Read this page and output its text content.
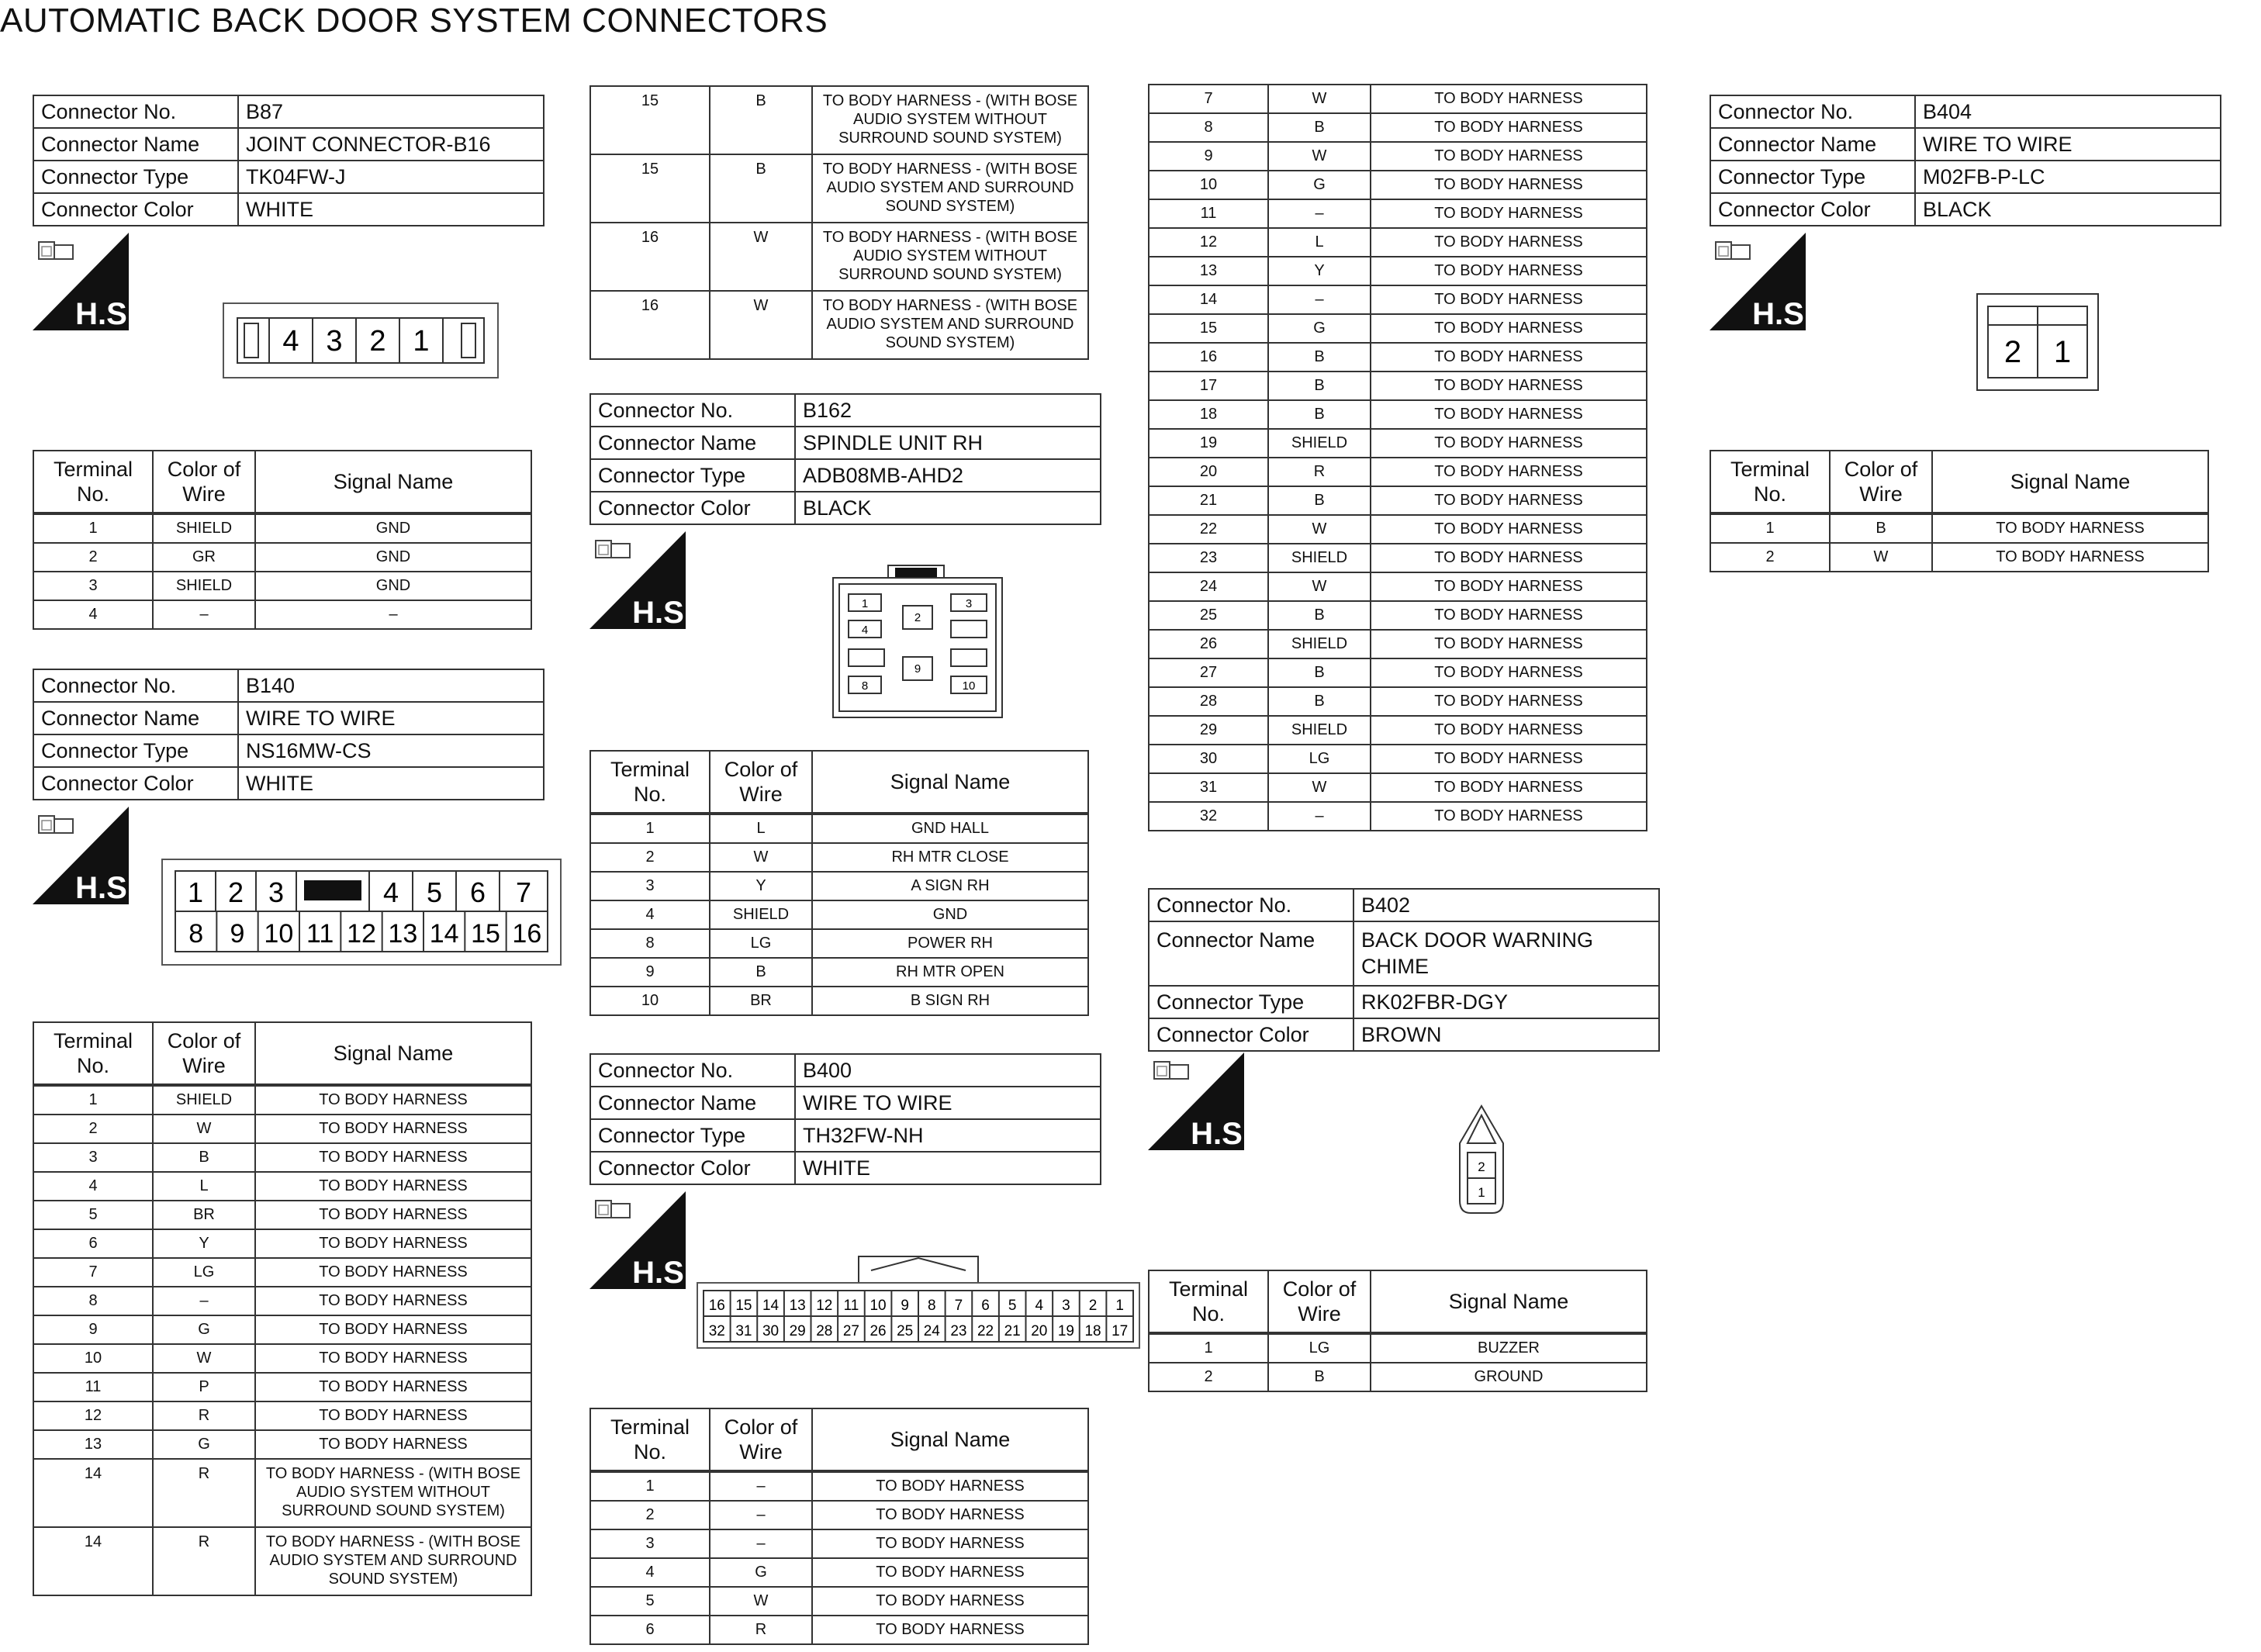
AUTOMATIC BACK DOOR SYSTEM CONNECTORS
Connector No.	B87
Connector Name	JOINT CONNECTOR-B16
Connector Type	TK04FW-J
Connector Color	WHITE
H.S.
4 3 2 1
Terminal No.	Color of Wire	Signal Name
1	SHIELD	GND
2	GR	GND
3	SHIELD	GND
4	–	–
Connector No.	B140
Connector Name	WIRE TO WIRE
Connector Type	NS16MW-CS
Connector Color	WHITE
H.S. 1 2 3	4 5 6 7
8 9 10 11 12 13 14 15 16
Terminal No.	Color of Wire	Signal Name
1	SHIELD	TO BODY HARNESS
2	W	TO BODY HARNESS
3	B	TO BODY HARNESS
4	L	TO BODY HARNESS
5	BR	TO BODY HARNESS
6	Y	TO BODY HARNESS
7	LG	TO BODY HARNESS
8	–	TO BODY HARNESS
9	G	TO BODY HARNESS
10	W	TO BODY HARNESS
11	P	TO BODY HARNESS
12	R	TO BODY HARNESS
13	G	TO BODY HARNESS
14	R	TO BODY HARNESS - (WITH BOSE AUDIO SYSTEM WITHOUT SURROUND SOUND SYSTEM)
14	R	TO BODY HARNESS - (WITH BOSE AUDIO SYSTEM AND SURROUND SOUND SYSTEM)
15	B	TO BODY HARNESS - (WITH BOSE AUDIO SYSTEM WITHOUT SURROUND SOUND SYSTEM)
15	B	TO BODY HARNESS - (WITH BOSE AUDIO SYSTEM AND SURROUND SOUND SYSTEM)
16	W	TO BODY HARNESS - (WITH BOSE AUDIO SYSTEM WITHOUT SURROUND SOUND SYSTEM)
16	W	TO BODY HARNESS - (WITH BOSE AUDIO SYSTEM AND SURROUND SOUND SYSTEM)
Connector No.	B162
Connector Name	SPINDLE UNIT RH
Connector Type	ADB08MB-AHD2
Connector Color	BLACK
H.S.	1
2
3
4
9
8	10
Terminal No.	Color of Wire	Signal Name
1	L	GND HALL
2	W	RH MTR CLOSE
3	Y	A SIGN RH
4	SHIELD	GND
8	LG	POWER RH
9	B	RH MTR OPEN
10	BR	B SIGN RH
Connector No.	B400
Connector Name	WIRE TO WIRE
Connector Type	TH32FW-NH
Connector Color	WHITE
H.S.
16
32
15
31
14
30
13
29
12
28
11
27
10
26
9
25
8
24
7
23
6
22
5
21
4
20
3
19
2
18
1
17
Terminal No.	Color of Wire	Signal Name
1	–	TO BODY HARNESS
2	–	TO BODY HARNESS
3	–	TO BODY HARNESS
4	G	TO BODY HARNESS
5	W	TO BODY HARNESS
6	R	TO BODY HARNESS
7	W	TO BODY HARNESS
8	B	TO BODY HARNESS
9	W	TO BODY HARNESS
10	G	TO BODY HARNESS
11	–	TO BODY HARNESS
12	L	TO BODY HARNESS
13	Y	TO BODY HARNESS
14	–	TO BODY HARNESS
15	G	TO BODY HARNESS
16	B	TO BODY HARNESS
17	B	TO BODY HARNESS
18	B	TO BODY HARNESS
19	SHIELD	TO BODY HARNESS
20	R	TO BODY HARNESS
21	B	TO BODY HARNESS
22	W	TO BODY HARNESS
23	SHIELD	TO BODY HARNESS
24	W	TO BODY HARNESS
25	B	TO BODY HARNESS
26	SHIELD	TO BODY HARNESS
27	B	TO BODY HARNESS
28	B	TO BODY HARNESS
29	SHIELD	TO BODY HARNESS
30	LG	TO BODY HARNESS
31	W	TO BODY HARNESS
32	–	TO BODY HARNESS
Connector No.	B402
Connector Name	BACK DOOR WARNING CHIME
Connector Type	RK02FBR-DGY
Connector Color	BROWN
H.S.
2
1
Terminal No.	Color of Wire	Signal Name
1	LG	BUZZER
2	B	GROUND
Connector No.	B404
Connector Name	WIRE TO WIRE
Connector Type	M02FB-P-LC
Connector Color	BLACK
H.S.
2 1
Terminal No.	Color of Wire	Signal Name
1	B	TO BODY HARNESS
2	W	TO BODY HARNESS
